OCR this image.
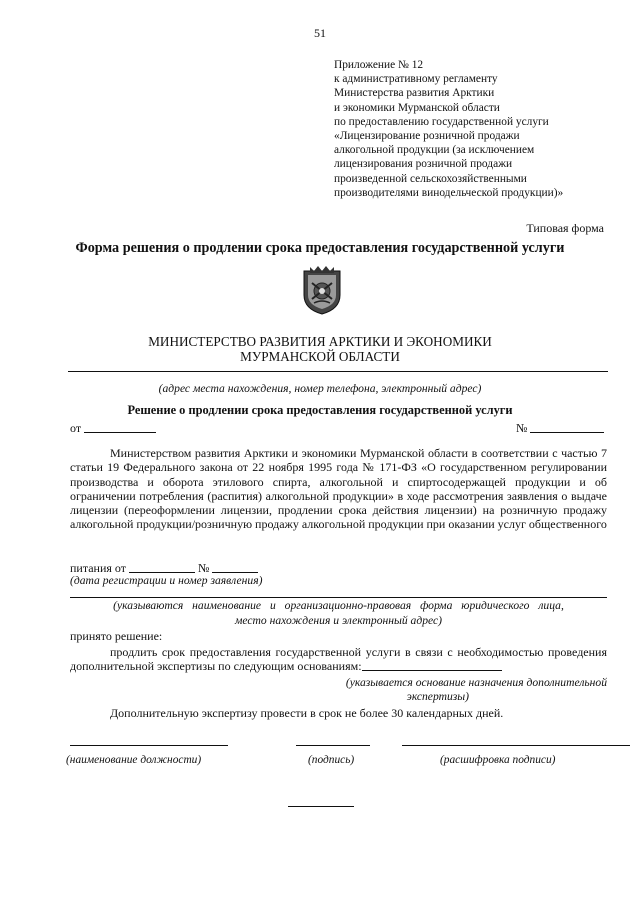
51
Приложение № 12
к административному регламенту
Министерства развития Арктики
и экономики Мурманской области
по предоставлению государственной услуги
«Лицензирование розничной продажи
алкогольной продукции (за исключением
лицензирования розничной продажи
произведенной сельскохозяйственными
производителями винодельческой продукции)»
Типовая форма
Форма решения о продлении срока предоставления государственной услуги
МИНИСТЕРСТВО РАЗВИТИЯ АРКТИКИ И ЭКОНОМИКИ
МУРМАНСКОЙ ОБЛАСТИ
(адрес места нахождения, номер телефона, электронный адрес)
Решение о продлении срока предоставления государственной услуги
от	№

Министерством развития Арктики и экономики Мурманской области в соответствии с частью 7 статьи 19 Федерального закона от 22 ноября 1995 года № 171-ФЗ «О государственном регулировании производства и оборота этилового спирта, алкогольной и спиртосодержащей продукции и об ограничении потребления (распития) алкогольной продукции» в ходе рассмотрения заявления о выдаче лицензии (переоформлении лицензии, продлении срока действия лицензии) на розничную продажу алкогольной продукции/розничную продажу алкогольной продукции при оказании услуг общественного

питания от	№
(дата регистрации и номер заявления)
(указываются наименование и организационно-правовая форма юридического лица,
место нахождения и электронный адрес)
принято решение:

продлить срок предоставления государственной услуги в связи с необходимостью проведения дополнительной экспертизы по следующим основаниям:

(указывается основание назначения дополнительной
экспертизы)
Дополнительную экспертизу провести в срок не более 30 календарных дней.
(наименование должности)	(подпись)	(расшифровка подписи)
